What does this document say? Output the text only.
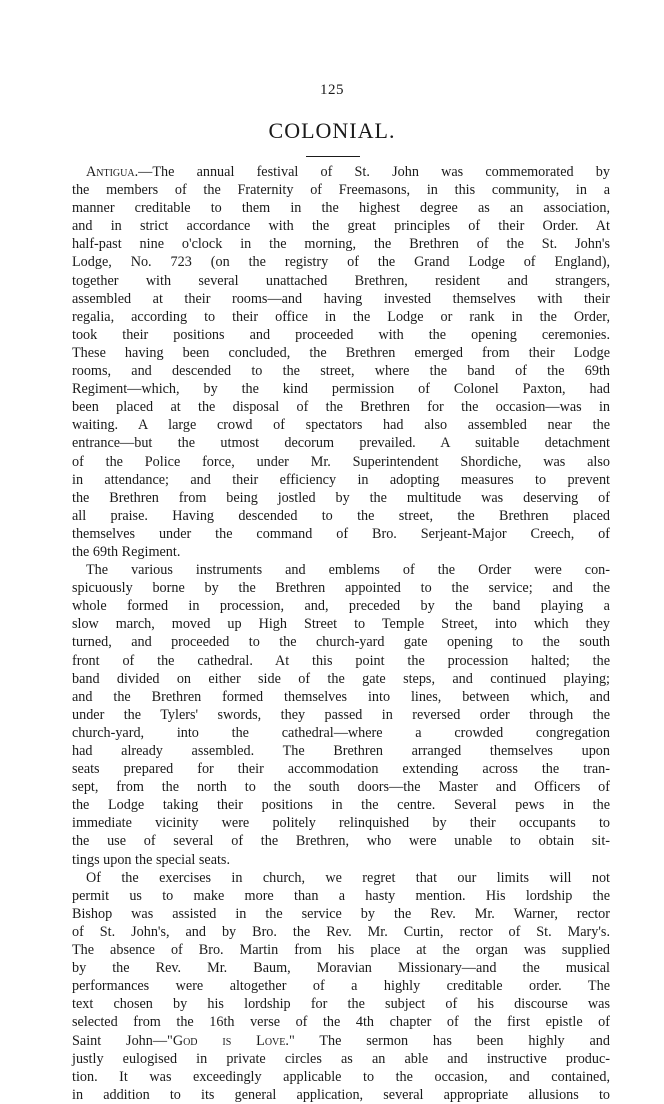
125
COLONIAL.
Antigua.—The annual festival of St. John was commemorated by
the members of the Fraternity of Freemasons, in this community, in a
manner creditable to them in the highest degree as an association,
and in strict accordance with the great principles of their Order. At
half-past nine o'clock in the morning, the Brethren of the St. John's
Lodge, No. 723 (on the registry of the Grand Lodge of England),
together with several unattached Brethren, resident and strangers,
assembled at their rooms—and having invested themselves with their
regalia, according to their office in the Lodge or rank in the Order,
took their positions and proceeded with the opening ceremonies.
These having been concluded, the Brethren emerged from their Lodge
rooms, and descended to the street, where the band of the 69th
Regiment—which, by the kind permission of Colonel Paxton, had
been placed at the disposal of the Brethren for the occasion—was in
waiting. A large crowd of spectators had also assembled near the
entrance—but the utmost decorum prevailed. A suitable detachment
of the Police force, under Mr. Superintendent Shordiche, was also
in attendance; and their efficiency in adopting measures to prevent
the Brethren from being jostled by the multitude was deserving of
all praise. Having descended to the street, the Brethren placed
themselves under the command of Bro. Serjeant-Major Creech, of
the 69th Regiment.
The various instruments and emblems of the Order were con-
spicuously borne by the Brethren appointed to the service; and the
whole formed in procession, and, preceded by the band playing a
slow march, moved up High Street to Temple Street, into which they
turned, and proceeded to the church-yard gate opening to the south
front of the cathedral. At this point the procession halted; the
band divided on either side of the gate steps, and continued playing;
and the Brethren formed themselves into lines, between which, and
under the Tylers' swords, they passed in reversed order through the
church-yard, into the cathedral—where a crowded congregation
had already assembled. The Brethren arranged themselves upon
seats prepared for their accommodation extending across the tran-
sept, from the north to the south doors—the Master and Officers of
the Lodge taking their positions in the centre. Several pews in the
immediate vicinity were politely relinquished by their occupants to
the use of several of the Brethren, who were unable to obtain sit-
tings upon the special seats.
Of the exercises in church, we regret that our limits will not
permit us to make more than a hasty mention. His lordship the
Bishop was assisted in the service by the Rev. Mr. Warner, rector
of St. John's, and by Bro. the Rev. Mr. Curtin, rector of St. Mary's.
The absence of Bro. Martin from his place at the organ was supplied
by the Rev. Mr. Baum, Moravian Missionary—and the musical
performances were altogether of a highly creditable order. The
text chosen by his lordship for the subject of his discourse was
selected from the 16th verse of the 4th chapter of the first epistle of
Saint John—"God is Love." The sermon has been highly and
justly eulogised in private circles as an able and instructive produc-
tion. It was exceedingly applicable to the occasion, and contained,
in addition to its general application, several appropriate allusions to
